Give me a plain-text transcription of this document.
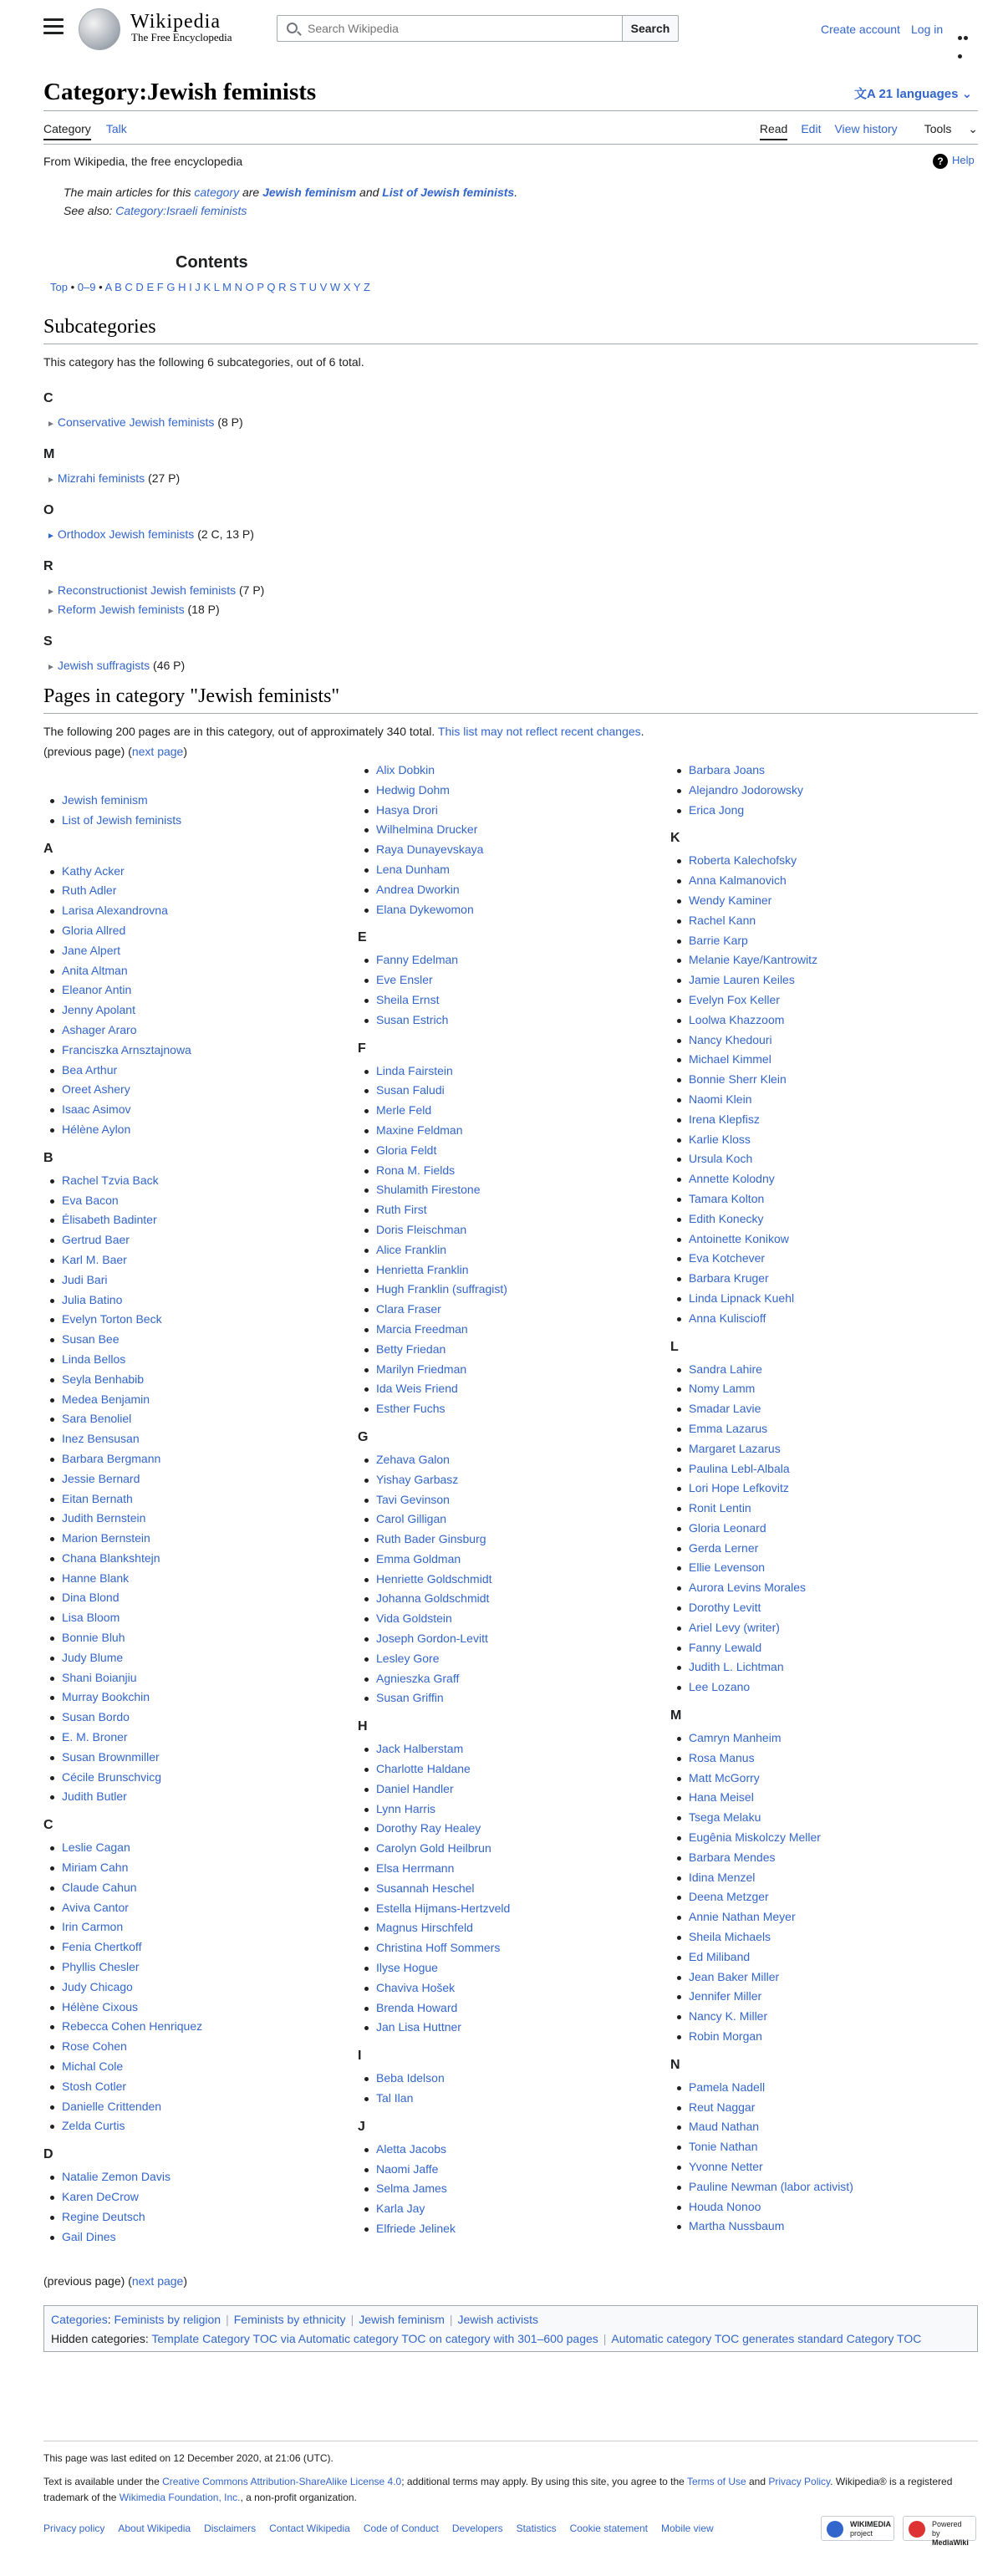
Wikipedia
The Free Encyclopedia
Search Wikipedia
Search	Create account Log in
Category:Jewish feminists	文A 21 languages ⌄
Category Talk	Read Edit View history Tools ⌄
From Wikipedia, the free encyclopedia	? Help
The main articles for this category are Jewish feminism and List of Jewish feminists.
See also: Category:Israeli feminists
Contents
Top • 0–9 • A B C D E F G H I J K L M N O P Q R S T U V W X Y Z
Subcategories
This category has the following 6 subcategories, out of 6 total.
C
► Conservative Jewish feminists (8 P)
M
► Mizrahi feminists (27 P)
O
► Orthodox Jewish feminists (2 C, 13 P)
R
► Reconstructionist Jewish feminists (7 P)
► Reform Jewish feminists (18 P)
S
► Jewish suffragists (46 P)
Pages in category "Jewish feminists"
The following 200 pages are in this category, out of approximately 340 total. This list may not reflect recent changes.
(previous page) (next page)
Jewish feminism
List of Jewish feminists
A
Kathy Acker
Ruth Adler
Larisa Alexandrovna
Gloria Allred
Jane Alpert
Anita Altman
Eleanor Antin
Jenny Apolant
Ashager Araro
Franciszka Arnsztajnowa
Bea Arthur
Oreet Ashery
Isaac Asimov
Hélène Aylon
B
Rachel Tzvia Back
Eva Bacon
Élisabeth Badinter
Gertrud Baer
Karl M. Baer
Judi Bari
Julia Batino
Evelyn Torton Beck
Susan Bee
Linda Bellos
Seyla Benhabib
Medea Benjamin
Sara Benoliel
Inez Bensusan
Barbara Bergmann
Jessie Bernard
Eitan Bernath
Judith Bernstein
Marion Bernstein
Chana Blankshtejn
Hanne Blank
Dina Blond
Lisa Bloom
Bonnie Bluh
Judy Blume
Shani Boianjiu
Murray Bookchin
Susan Bordo
E. M. Broner
Susan Brownmiller
Cécile Brunschvicg
Judith Butler
C
Leslie Cagan
Miriam Cahn
Claude Cahun
Aviva Cantor
Irin Carmon
Fenia Chertkoff
Phyllis Chesler
Judy Chicago
Hélène Cixous
Rebecca Cohen Henriquez
Rose Cohen
Michal Cole
Stosh Cotler
Danielle Crittenden
Zelda Curtis
D
Natalie Zemon Davis
Karen DeCrow
Regine Deutsch
Gail Dines
Alix Dobkin
Hedwig Dohm
Hasya Drori
Wilhelmina Drucker
Raya Dunayevskaya
Lena Dunham
Andrea Dworkin
Elana Dykewomon
E
Fanny Edelman
Eve Ensler
Sheila Ernst
Susan Estrich
F
Linda Fairstein
Susan Faludi
Merle Feld
Maxine Feldman
Gloria Feldt
Rona M. Fields
Shulamith Firestone
Ruth First
Doris Fleischman
Alice Franklin
Henrietta Franklin
Hugh Franklin (suffragist)
Clara Fraser
Marcia Freedman
Betty Friedan
Marilyn Friedman
Ida Weis Friend
Esther Fuchs
G
Zehava Galon
Yishay Garbasz
Tavi Gevinson
Carol Gilligan
Ruth Bader Ginsburg
Emma Goldman
Henriette Goldschmidt
Johanna Goldschmidt
Vida Goldstein
Joseph Gordon-Levitt
Lesley Gore
Agnieszka Graff
Susan Griffin
H
Jack Halberstam
Charlotte Haldane
Daniel Handler
Lynn Harris
Dorothy Ray Healey
Carolyn Gold Heilbrun
Elsa Herrmann
Susannah Heschel
Estella Hijmans-Hertzveld
Magnus Hirschfeld
Christina Hoff Sommers
Ilyse Hogue
Chaviva Hošek
Brenda Howard
Jan Lisa Huttner
I
Beba Idelson
Tal Ilan
J
Aletta Jacobs
Naomi Jaffe
Selma James
Karla Jay
Elfriede Jelinek
Barbara Joans
Alejandro Jodorowsky
Erica Jong
K
Roberta Kalechofsky
Anna Kalmanovich
Wendy Kaminer
Rachel Kann
Barrie Karp
Melanie Kaye/Kantrowitz
Jamie Lauren Keiles
Evelyn Fox Keller
Loolwa Khazzoom
Nancy Khedouri
Michael Kimmel
Bonnie Sherr Klein
Naomi Klein
Irena Klepfisz
Karlie Kloss
Ursula Koch
Annette Kolodny
Tamara Kolton
Edith Konecky
Antoinette Konikow
Eva Kotchever
Barbara Kruger
Linda Lipnack Kuehl
Anna Kuliscioff
L
Sandra Lahire
Nomy Lamm
Smadar Lavie
Emma Lazarus
Margaret Lazarus
Paulina Lebl-Albala
Lori Hope Lefkovitz
Ronit Lentin
Gloria Leonard
Gerda Lerner
Ellie Levenson
Aurora Levins Morales
Dorothy Levitt
Ariel Levy (writer)
Fanny Lewald
Judith L. Lichtman
Lee Lozano
M
Camryn Manheim
Rosa Manus
Matt McGorry
Hana Meisel
Tsega Melaku
Eugênia Miskolczy Meller
Barbara Mendes
Idina Menzel
Deena Metzger
Annie Nathan Meyer
Sheila Michaels
Ed Miliband
Jean Baker Miller
Jennifer Miller
Nancy K. Miller
Robin Morgan
N
Pamela Nadell
Reut Naggar
Maud Nathan
Tonie Nathan
Yvonne Netter
Pauline Newman (labor activist)
Houda Nonoo
Martha Nussbaum
(previous page) (next page)
Categories: Feminists by religion | Feminists by ethnicity | Jewish feminism | Jewish activists
Hidden categories: Template Category TOC via Automatic category TOC on category with 301–600 pages | Automatic category TOC generates standard Category TOC
This page was last edited on 12 December 2020, at 21:06 (UTC).
Text is available under the Creative Commons Attribution-ShareAlike License 4.0; additional terms may apply. By using this site, you agree to the Terms of Use and Privacy Policy. Wikipedia® is a registered trademark of the Wikimedia Foundation, Inc., a non-profit organization.
Privacy policy About Wikipedia Disclaimers Contact Wikipedia Code of Conduct Developers Statistics Cookie statement Mobile view	WIKIMEDIA
project
Powered by
MediaWiki
